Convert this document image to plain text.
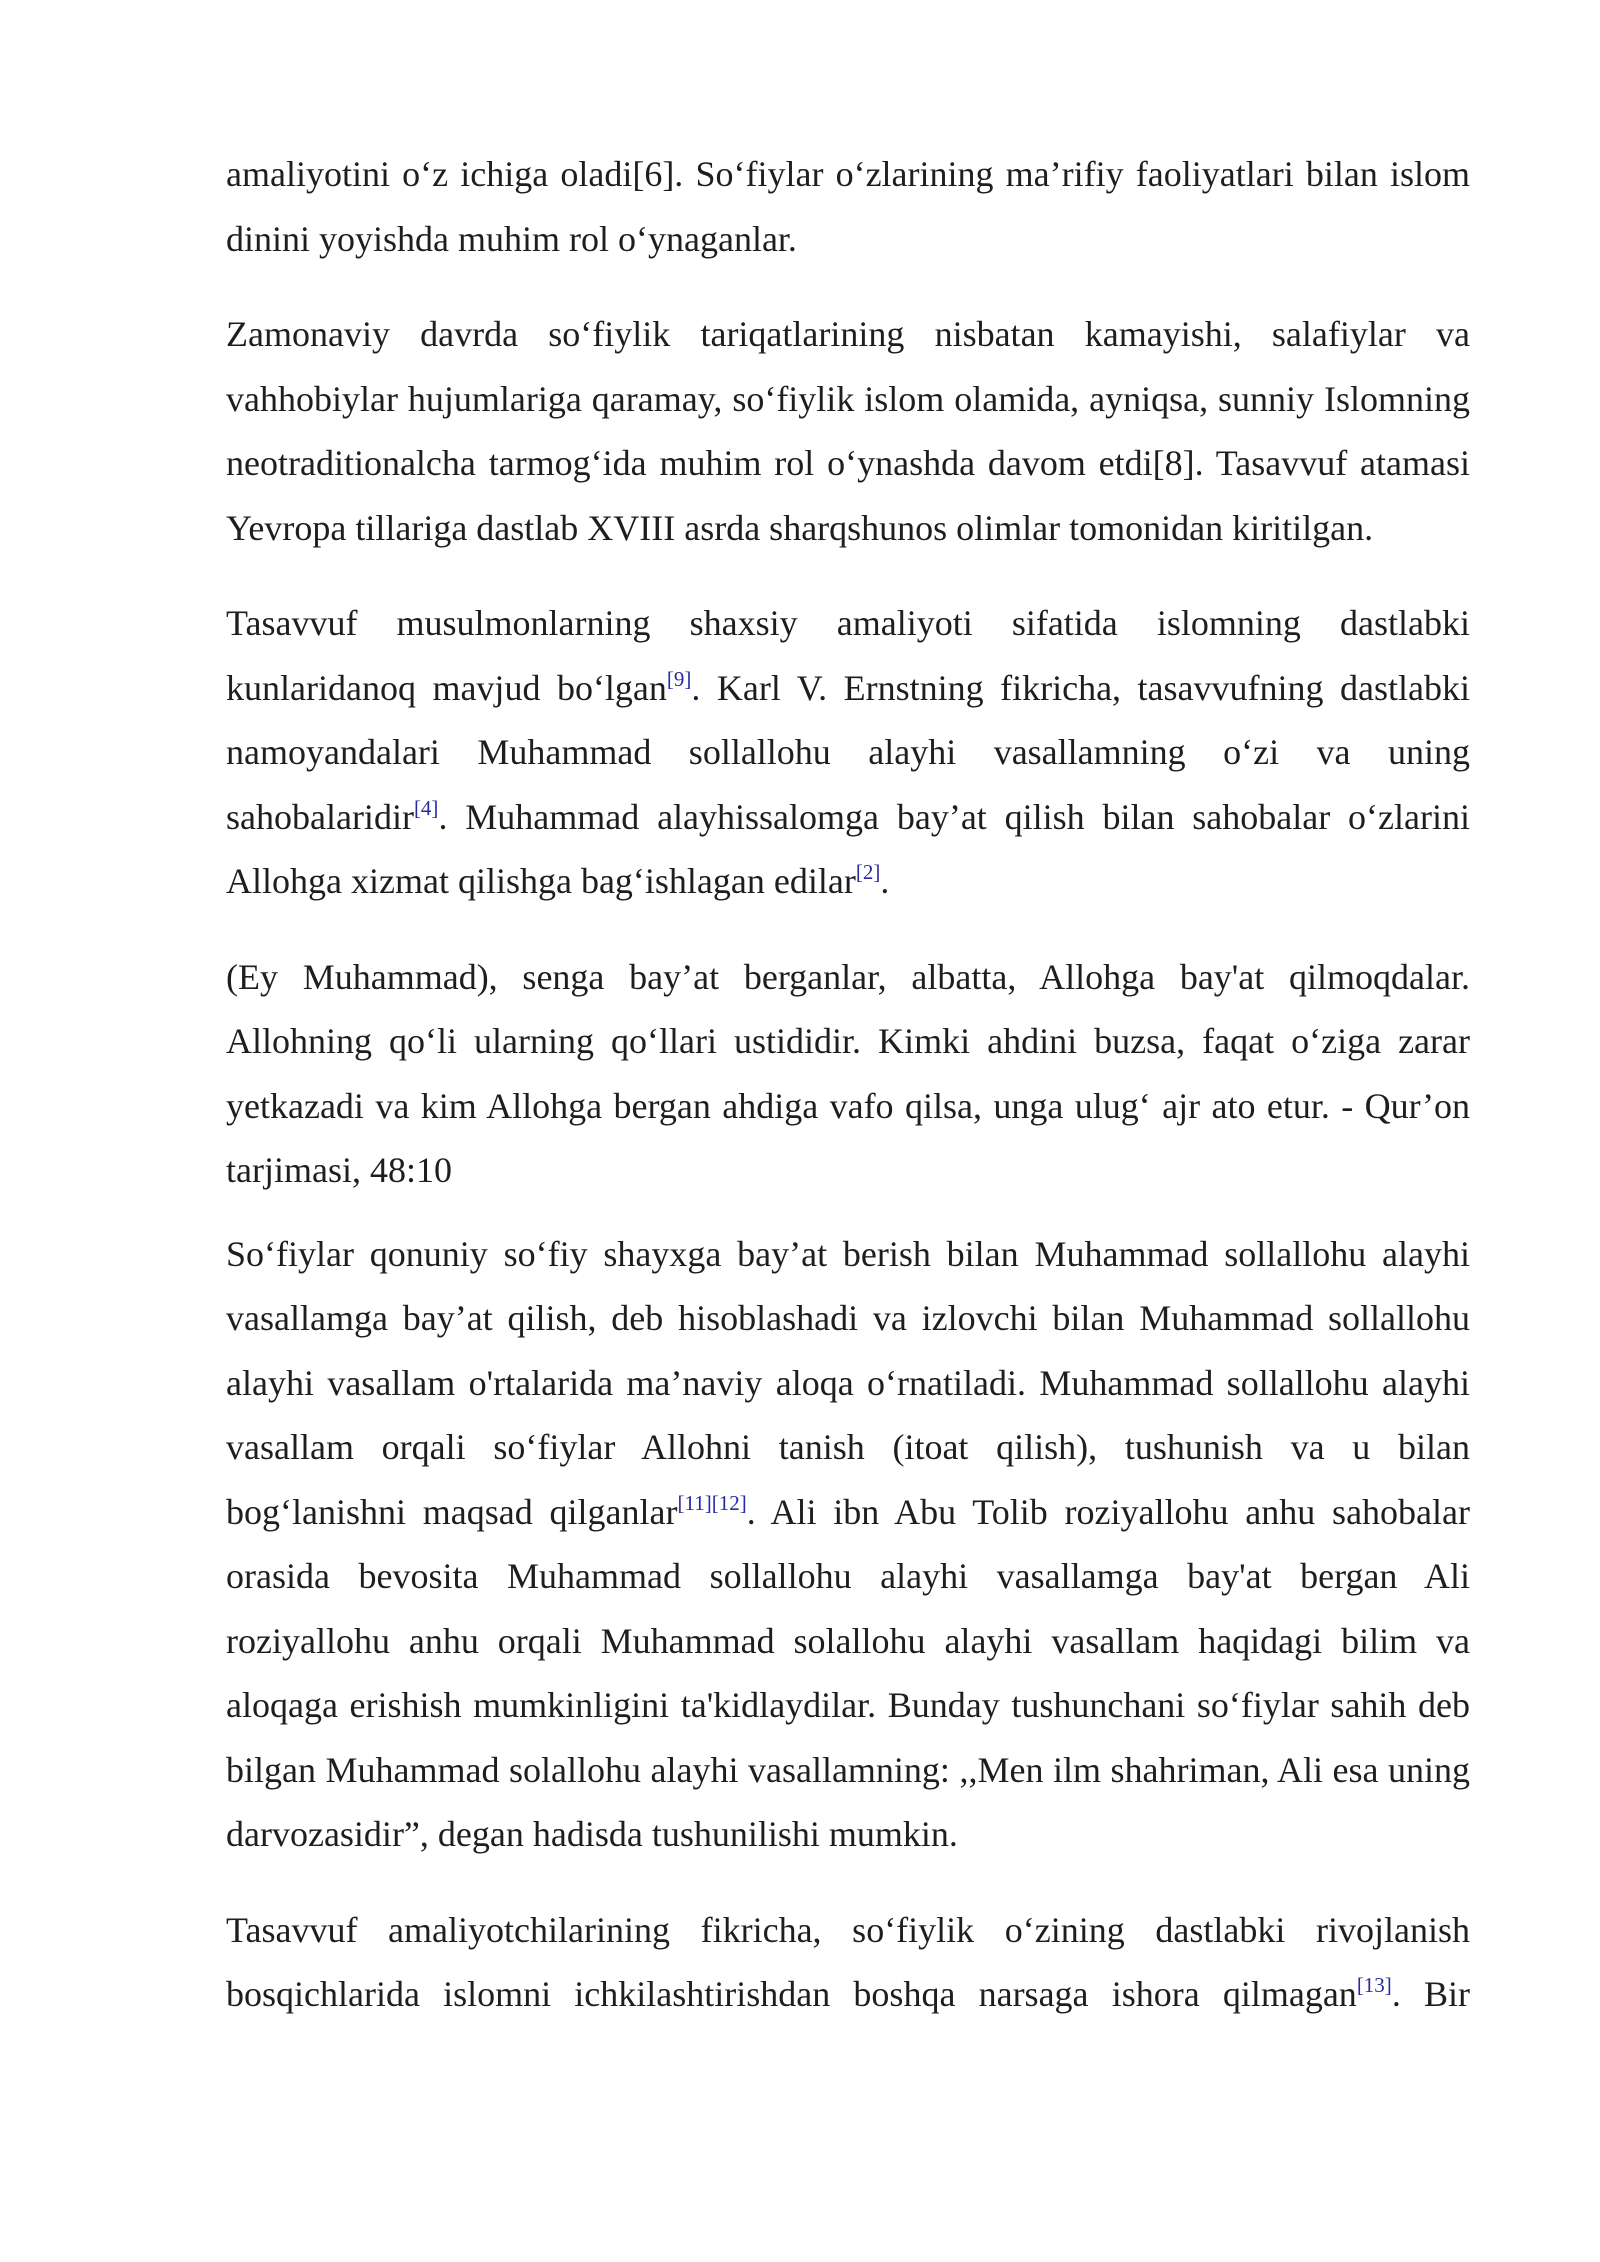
amaliyotini o‘z ichiga oladi[6]. So‘fiylar o‘zlarining ma’rifiy faoliyatlari bilan islom dinini yoyishda muhim rol o‘ynaganlar.

Zamonaviy davrda so‘fiylik tariqatlarining nisbatan kamayishi, salafiylar va vahhobiylar hujumlariga qaramay, so‘fiylik islom olamida, ayniqsa, sunniy Islomning neotraditionalcha tarmog‘ida muhim rol o‘ynashda davom etdi[8]. Tasavvuf atamasi Yevropa tillariga dastlab XVIII asrda sharqshunos olimlar tomonidan kiritilgan.

Tasavvuf musulmonlarning shaxsiy amaliyoti sifatida islomning dastlabki kunlaridanoq mavjud bo‘lgan[9]. Karl V. Ernstning fikricha, tasavvufning dastlabki namoyandalari Muhammad sollallohu alayhi vasallamning o‘zi va uning sahobalaridir[4]. Muhammad alayhissalomga bay’at qilish bilan sahobalar o‘zlarini Allohga xizmat qilishga bag‘ishlagan edilar[2].

(Ey Muhammad), senga bay’at berganlar, albatta, Allohga bay'at qilmoqdalar. Allohning qo‘li ularning qo‘llari ustididir. Kimki ahdini buzsa, faqat o‘ziga zarar yetkazadi va kim Allohga bergan ahdiga vafo qilsa, unga ulug‘ ajr ato etur. - Qur’on tarjimasi, 48:10

So‘fiylar qonuniy so‘fiy shayxga bay’at berish bilan Muhammad sollallohu alayhi vasallamga bay’at qilish, deb hisoblashadi va izlovchi bilan Muhammad sollallohu alayhi vasallam o'rtalarida ma’naviy aloqa o‘rnatiladi. Muhammad sollallohu alayhi vasallam orqali so‘fiylar Allohni tanish (itoat qilish), tushunish va u bilan bog‘lanishni maqsad qilganlar[11][12]. Ali ibn Abu Tolib roziyallohu anhu sahobalar orasida bevosita Muhammad sollallohu alayhi vasallamga bay'at bergan Ali roziyallohu anhu orqali Muhammad solallohu alayhi vasallam haqidagi bilim va aloqaga erishish mumkinligini ta'kidlaydilar. Bunday tushunchani so‘fiylar sahih deb bilgan Muhammad solallohu alayhi vasallamning: ,,Men ilm shahriman, Ali esa uning darvozasidir”, degan hadisda tushunilishi mumkin.

Tasavvuf amaliyotchilarining fikricha, so‘fiylik o‘zining dastlabki rivojlanish bosqichlarida islomni ichkilashtirishdan boshqa narsaga ishora qilmagan[13]. Bir
